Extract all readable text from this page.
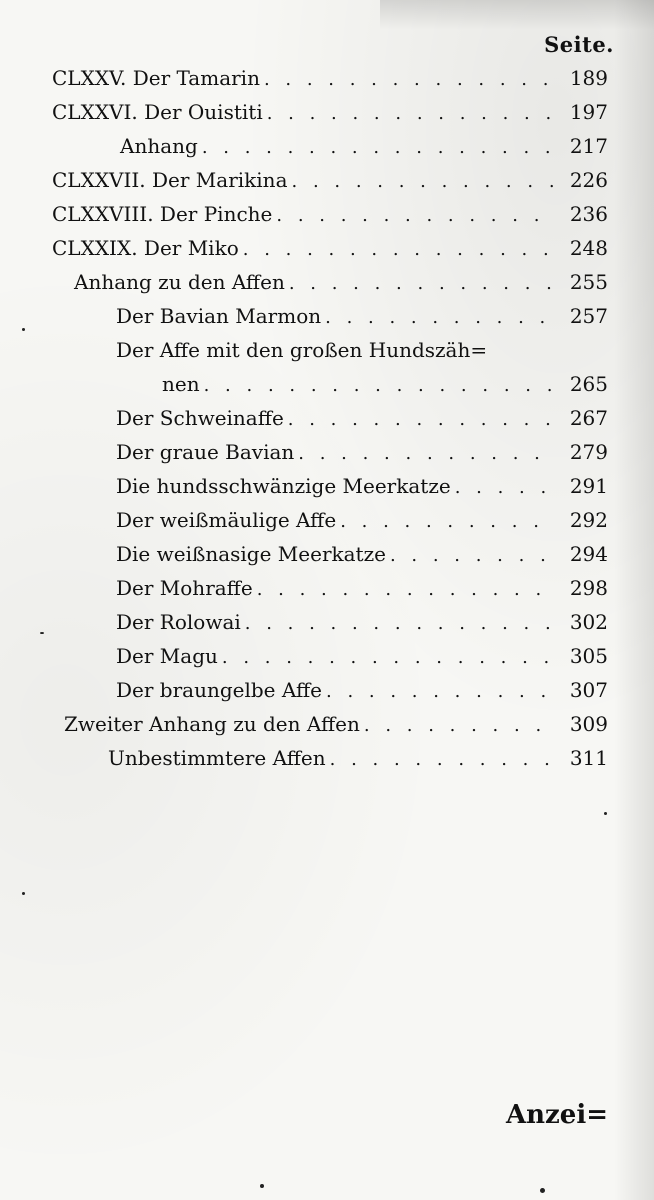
Seite.
CLXXV. Der Tamarin . . .	189
CLXXVI. Der Ouistiti . . .	197
Anhang . . .	217
CLXXVII. Der Marikina . . .	226
CLXXVIII. Der Pinche . . .	236
CLXXIX. Der Miko . . .	248
Anhang zu den Affen . . .	255
Der Bavian Marmon . . .	257
Der Affe mit den großen Hundszäh=
nen . . .	265
Der Schweinaffe . . .	267
Der graue Bavian . . .	279
Die hundsschwänzige Meerkatze . . .	291
Der weißmäulige Affe . . .	292
Die weißnasige Meerkatze . . .	294
Der Mohraffe . . .	298
Der Rolowai . . .	302
Der Magu . . .	305
Der braungelbe Affe . . .	307
Zweiter Anhang zu den Affen . . .	309
Unbestimmtere Affen . . .	311
Anzei=
